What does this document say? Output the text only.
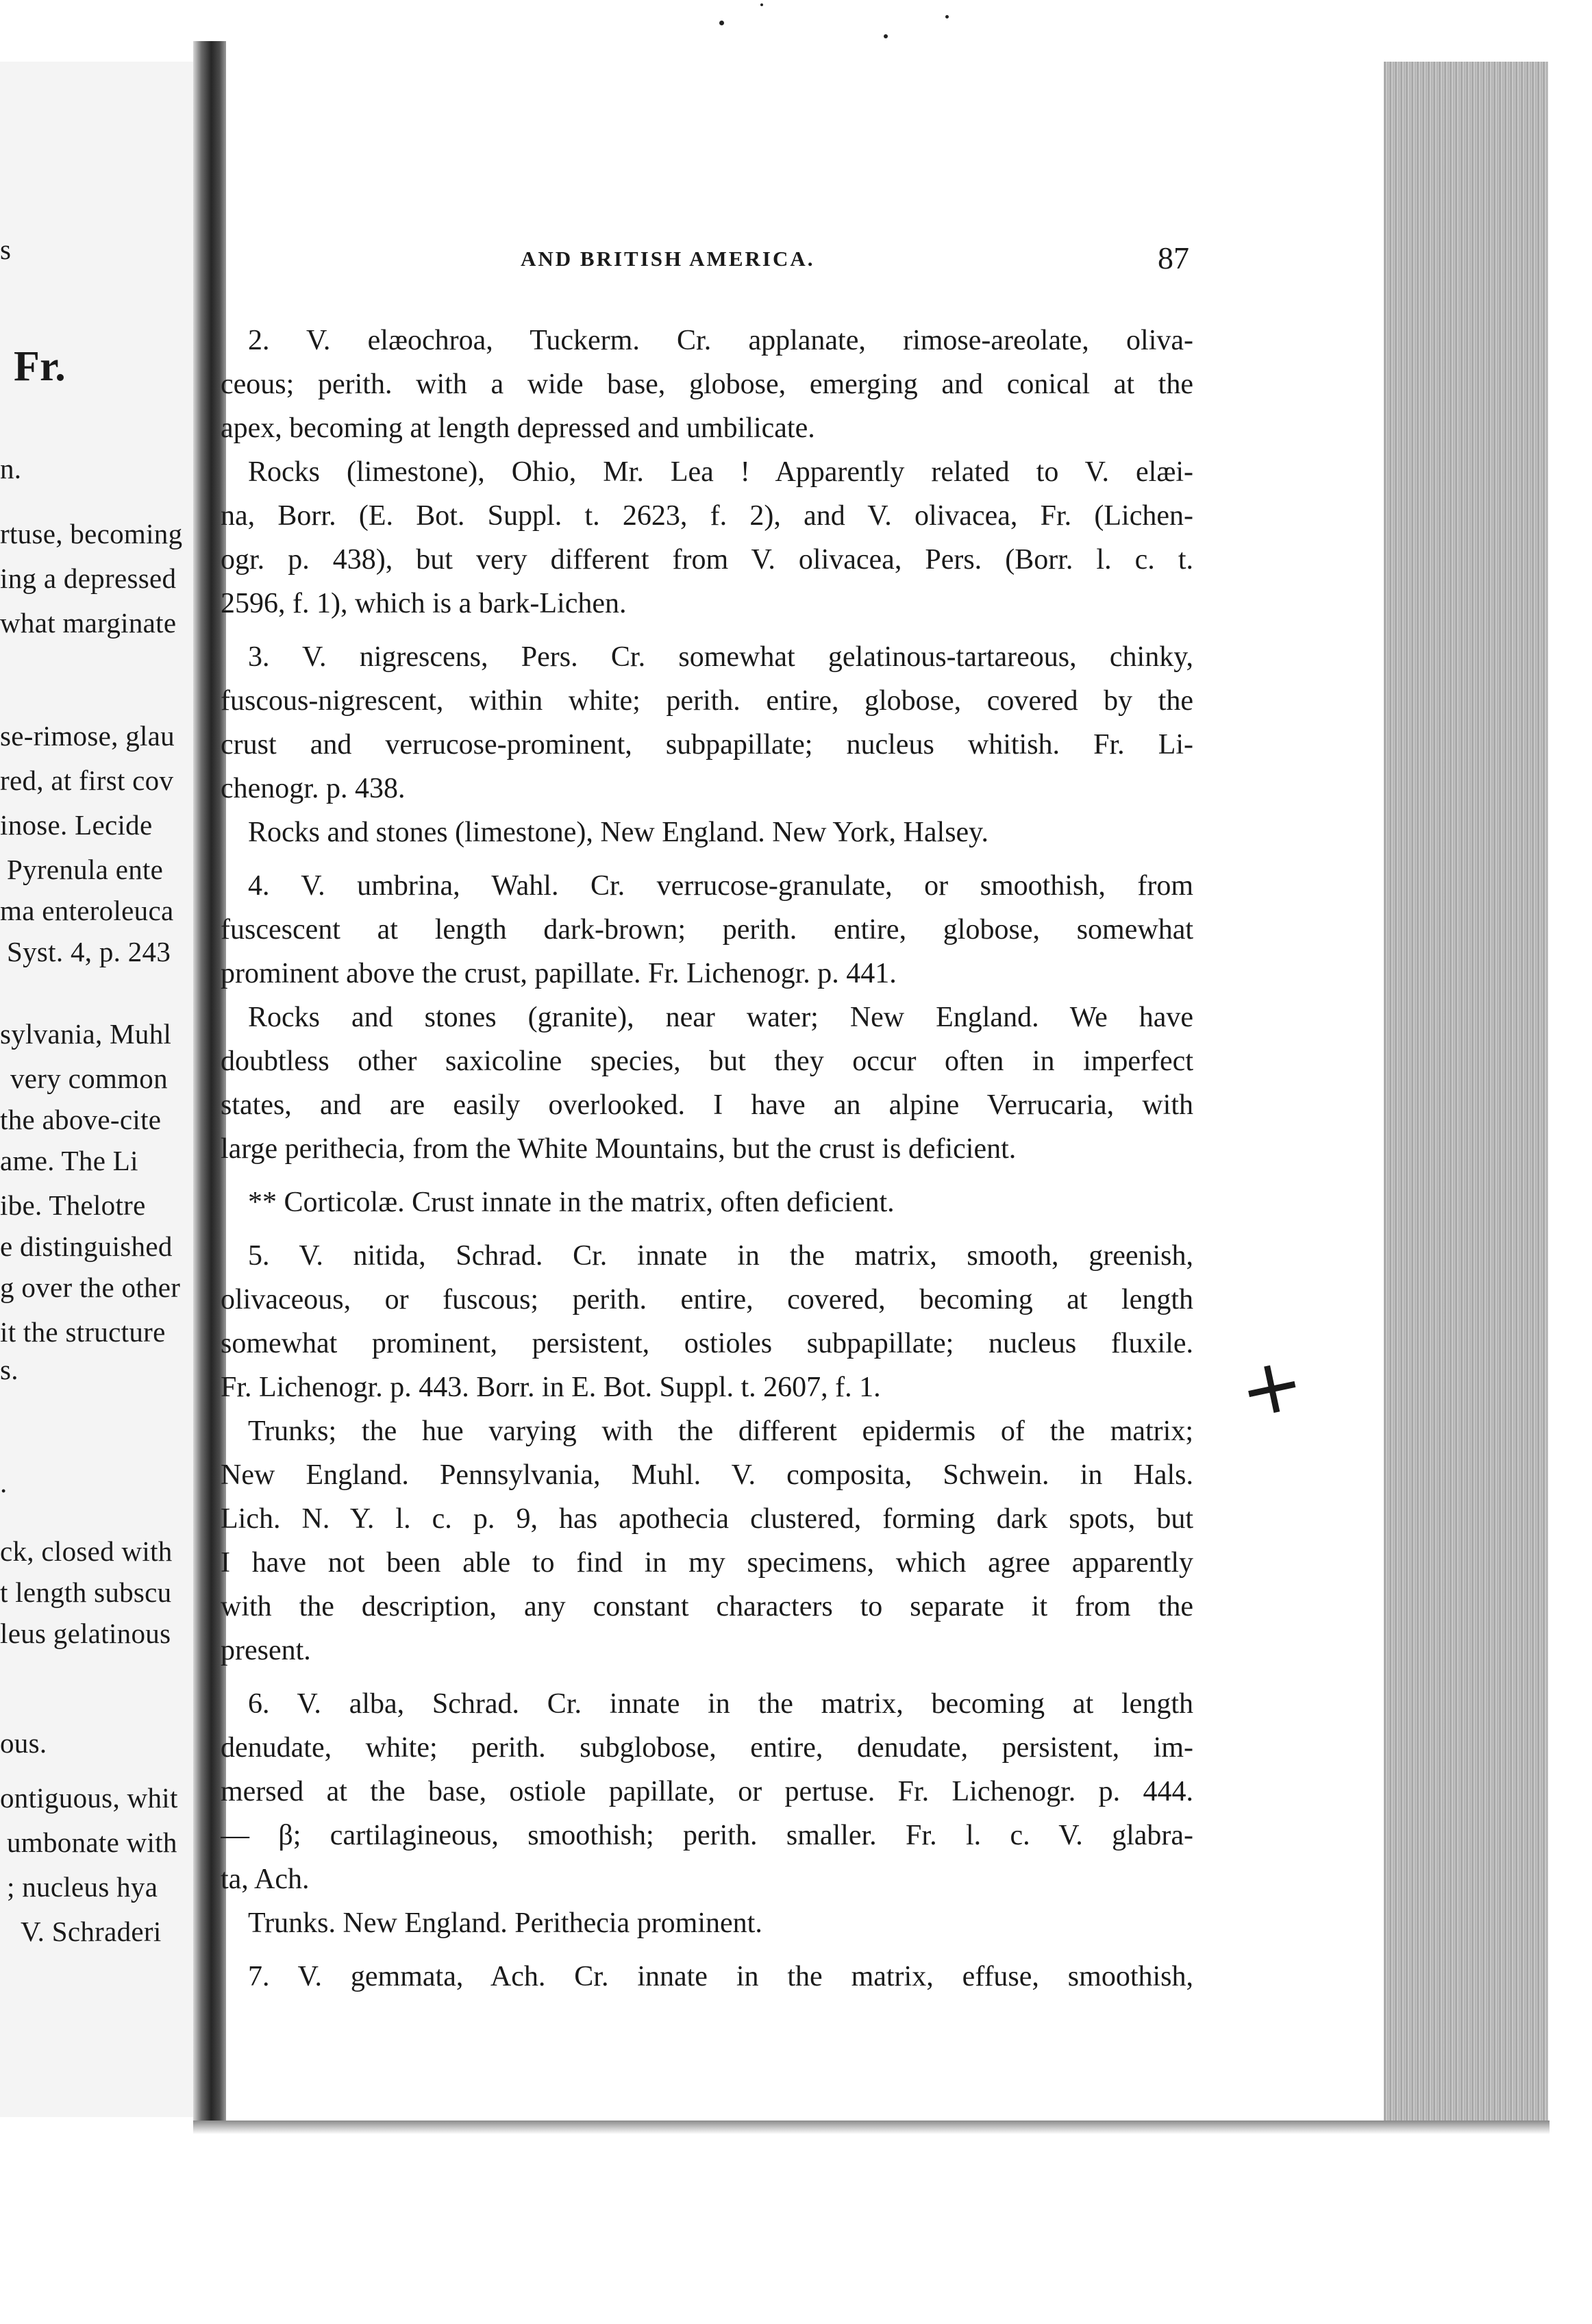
s
Fr.
n.
rtuse, becoming
ing a depressed
what marginate
se-rimose, glau
red, at first cov
inose. Lecide
Pyrenula ente
ma enteroleuca
Syst. 4, p. 243
sylvania, Muhl
very common
the above-cite
ame. The Li
ibe. Thelotre
e distinguished
g over the other
it the structure
s.
.
ck, closed with
t length subscu
leus gelatinous
ous.
ontiguous, whit
umbonate with
; nucleus hya
V. Schraderi
AND BRITISH AMERICA.	87
2. V. elæochroa, Tuckerm. Cr. applanate, rimose-areolate, oliva-
ceous; perith. with a wide base, globose, emerging and conical at the
apex, becoming at length depressed and umbilicate.
Rocks (limestone), Ohio, Mr. Lea ! Apparently related to V. elæi-
na, Borr. (E. Bot. Suppl. t. 2623, f. 2), and V. olivacea, Fr. (Lichen-
ogr. p. 438), but very different from V. olivacea, Pers. (Borr. l. c. t.
2596, f. 1), which is a bark-Lichen.
3. V. nigrescens, Pers. Cr. somewhat gelatinous-tartareous, chinky,
fuscous-nigrescent, within white; perith. entire, globose, covered by the
crust and verrucose-prominent, subpapillate; nucleus whitish. Fr. Li-
chenogr. p. 438.
Rocks and stones (limestone), New England. New York, Halsey.
4. V. umbrina, Wahl. Cr. verrucose-granulate, or smoothish, from
fuscescent at length dark-brown; perith. entire, globose, somewhat
prominent above the crust, papillate. Fr. Lichenogr. p. 441.
Rocks and stones (granite), near water; New England. We have
doubtless other saxicoline species, but they occur often in imperfect
states, and are easily overlooked. I have an alpine Verrucaria, with
large perithecia, from the White Mountains, but the crust is deficient.
** Corticolæ. Crust innate in the matrix, often deficient.
5. V. nitida, Schrad. Cr. innate in the matrix, smooth, greenish,
olivaceous, or fuscous; perith. entire, covered, becoming at length
somewhat prominent, persistent, ostioles subpapillate; nucleus fluxile.
Fr. Lichenogr. p. 443. Borr. in E. Bot. Suppl. t. 2607, f. 1.
Trunks; the hue varying with the different epidermis of the matrix;
New England. Pennsylvania, Muhl. V. composita, Schwein. in Hals.
Lich. N. Y. l. c. p. 9, has apothecia clustered, forming dark spots, but
I have not been able to find in my specimens, which agree apparently
with the description, any constant characters to separate it from the
present.
6. V. alba, Schrad. Cr. innate in the matrix, becoming at length
denudate, white; perith. subglobose, entire, denudate, persistent, im-
mersed at the base, ostiole papillate, or pertuse. Fr. Lichenogr. p. 444.
— β; cartilagineous, smoothish; perith. smaller. Fr. l. c. V. glabra-
ta, Ach.
Trunks. New England. Perithecia prominent.
7. V. gemmata, Ach. Cr. innate in the matrix, effuse, smoothish,
+
